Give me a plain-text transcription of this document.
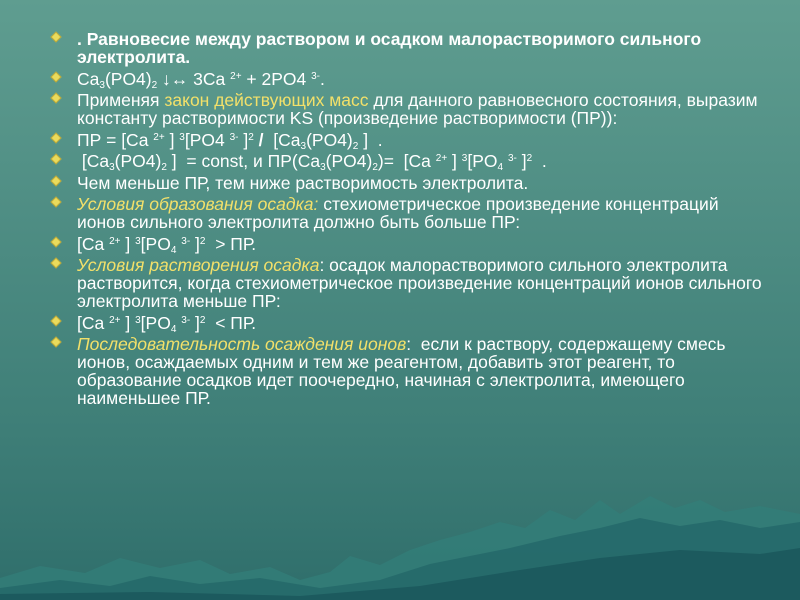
. Равновесие между раствором и осадком малорастворимого сильного электролита.
$Ca_3(PO4)_2$ ↓↔ 3Ca $^{2+}$ + 2PO4 $^{3-}$.
Применяя закон действующих масс для данного равновесного состояния, выразим константу растворимости KS (произведение растворимости (ПР)):
ПР = [Ca $^{2+}$ ] $^3$[PO4 $^{3-}$ ]$^2 / [Ca_3(PO4)_2$ ]  .
[$Ca_3(PO4)_2$ ]  = const, и $ПР(Ca_3(PO4)_2)= [Ca$ $^{2+}$ ] $^3[PO_4$ $^{3-}$ ]$^2$  .
Чем меньше ПР, тем ниже растворимость электролита.
Условия образования осадка: стехиометрическое произведение концентраций ионов сильного электролита должно быть больше ПР:
[Ca $^{2+}$ ] $^3[PO_4$ $^{3-}$ ]$^2$  > ПР.
Условия растворения осадка: осадок малорастворимого сильного электролита растворится, когда стехиометрическое произведение концентраций ионов сильного электролита меньше ПР:
[Ca $^{2+}$ ] $^3[PO_4$ $^{3-}$ ]$^2$  < ПР.
Последовательность осаждения ионов:  если к раствору, содержащему смесь ионов, осаждаемых одним и тем же реагентом, добавить этот реагент, то образование осадков идет поочередно, начиная с электролита, имеющего наименьшее ПР.
